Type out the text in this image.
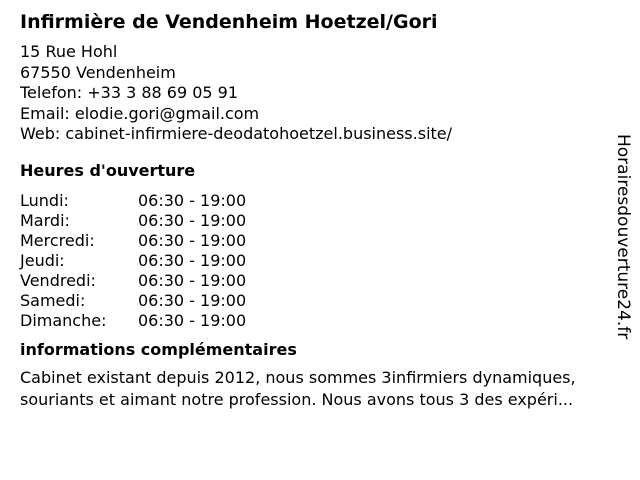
Infirmière de Vendenheim Hoetzel/Gori
15 Rue Hohl
67550 Vendenheim
Telefon: +33 3 88 69 05 91
Email: elodie.gori@gmail.com
Web: cabinet-infirmiere-deodatohoetzel.business.site/
Heures d'ouverture
Lundi:	06:30 - 19:00
Mardi:	06:30 - 19:00
Mercredi:	06:30 - 19:00
Jeudi:	06:30 - 19:00
Vendredi:	06:30 - 19:00
Samedi:	06:30 - 19:00
Dimanche:	06:30 - 19:00
informations complémentaires
Cabinet existant depuis 2012, nous sommes 3infirmiers dynamiques,
souriants et aimant notre profession. Nous avons tous 3 des expéri...
Horairesdouverture24.fr
